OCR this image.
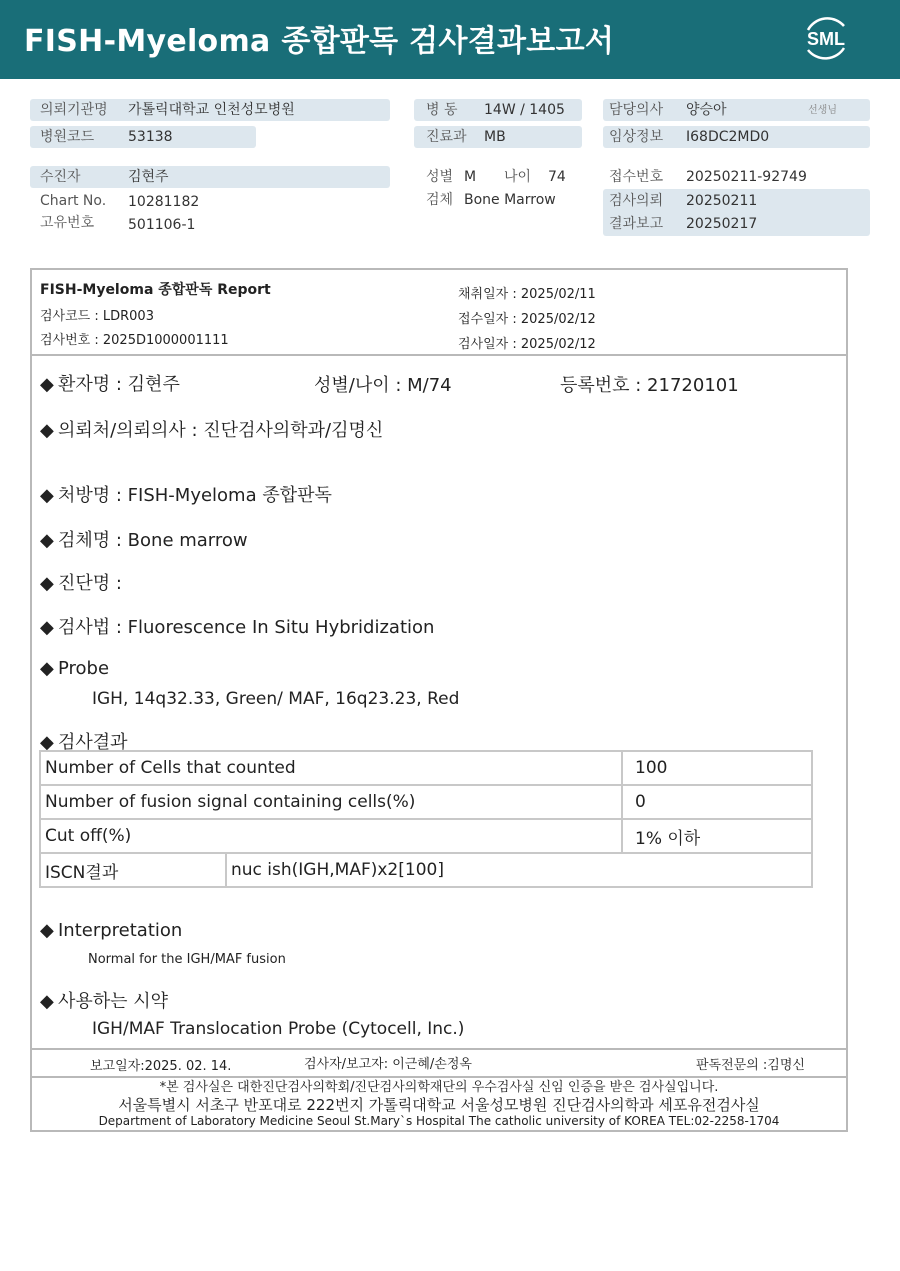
FISH-Myeloma 종합판독 검사결과보고서	SML
의뢰기관명 가톨릭대학교 인천성모병원
병원코드 53138
병 동 14W / 1405
진료과 MB
담당의사 양승아	선생님
임상정보 I68DC2MD0
수진자	김현주
Chart No. 10281182
고유번호 501106-1
성별 M 나이 74
검체 Bone Marrow
접수번호 20250211-92749
검사의뢰 20250211
결과보고 20250217
FISH-Myeloma 종합판독 Report
검사코드 : LDR003
검사번호 : 2025D1000001111
채취일자 : 2025/02/11
접수일자 : 2025/02/12
검사일자 : 2025/02/12
◆ 환자명 : 김현주	성별/나이 : M/74	등록번호 : 21720101
◆ 의뢰처/의뢰의사 : 진단검사의학과/김명신
◆ 처방명 : FISH-Myeloma 종합판독
◆ 검체명 : Bone marrow
◆ 진단명 :
◆ 검사법 : Fluorescence In Situ Hybridization
◆ Probe
IGH, 14q32.33, Green/ MAF, 16q23.23, Red
◆ 검사결과
Number of Cells that counted		100
Number of fusion signal containing cells(%)		0
Cut off(%)		1% 이하
ISCN결과	nuc ish(IGH,MAF)x2[100]	
◆ Interpretation
Normal for the IGH/MAF fusion
◆ 사용하는 시약
IGH/MAF Translocation Probe (Cytocell, Inc.)
보고일자:2025. 02. 14.	검사자/보고자: 이근혜/손정옥	판독전문의 :김명신
*본 검사실은 대한진단검사의학회/진단검사의학재단의 우수검사실 신임 인증을 받은 검사실입니다.
서울특별시 서초구 반포대로 222번지 가톨릭대학교 서울성모병원 진단검사의학과 세포유전검사실
Department of Laboratory Medicine Seoul St.Mary`s Hospital The catholic university of KOREA TEL:02-2258-1704
